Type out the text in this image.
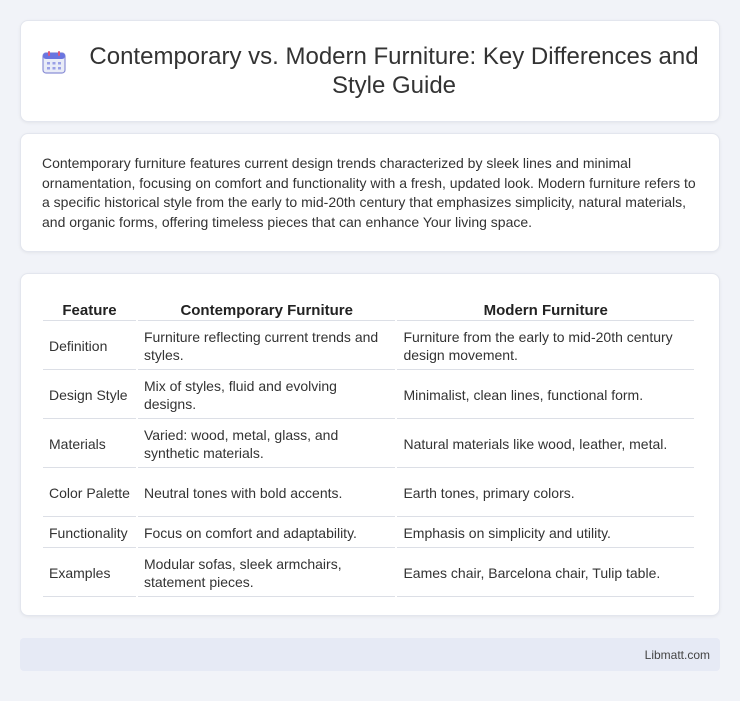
Contemporary vs. Modern Furniture: Key Differences and Style Guide

Contemporary furniture features current design trends characterized by sleek lines and minimal ornamentation, focusing on comfort and functionality with a fresh, updated look. Modern furniture refers to a specific historical style from the early to mid-20th century that emphasizes simplicity, natural materials, and organic forms, offering timeless pieces that can enhance Your living space.

Feature	Contemporary Furniture	Modern Furniture
Definition	Furniture reflecting current trends and styles.	Furniture from the early to mid-20th century design movement.
Design Style	Mix of styles, fluid and evolving designs.	Minimalist, clean lines, functional form.
Materials	Varied: wood, metal, glass, and synthetic materials.	Natural materials like wood, leather, metal.
Color Palette	Neutral tones with bold accents.	Earth tones, primary colors.
Functionality	Focus on comfort and adaptability.	Emphasis on simplicity and utility.
Examples	Modular sofas, sleek armchairs, statement pieces.	Eames chair, Barcelona chair, Tulip table.
Libmatt.com
